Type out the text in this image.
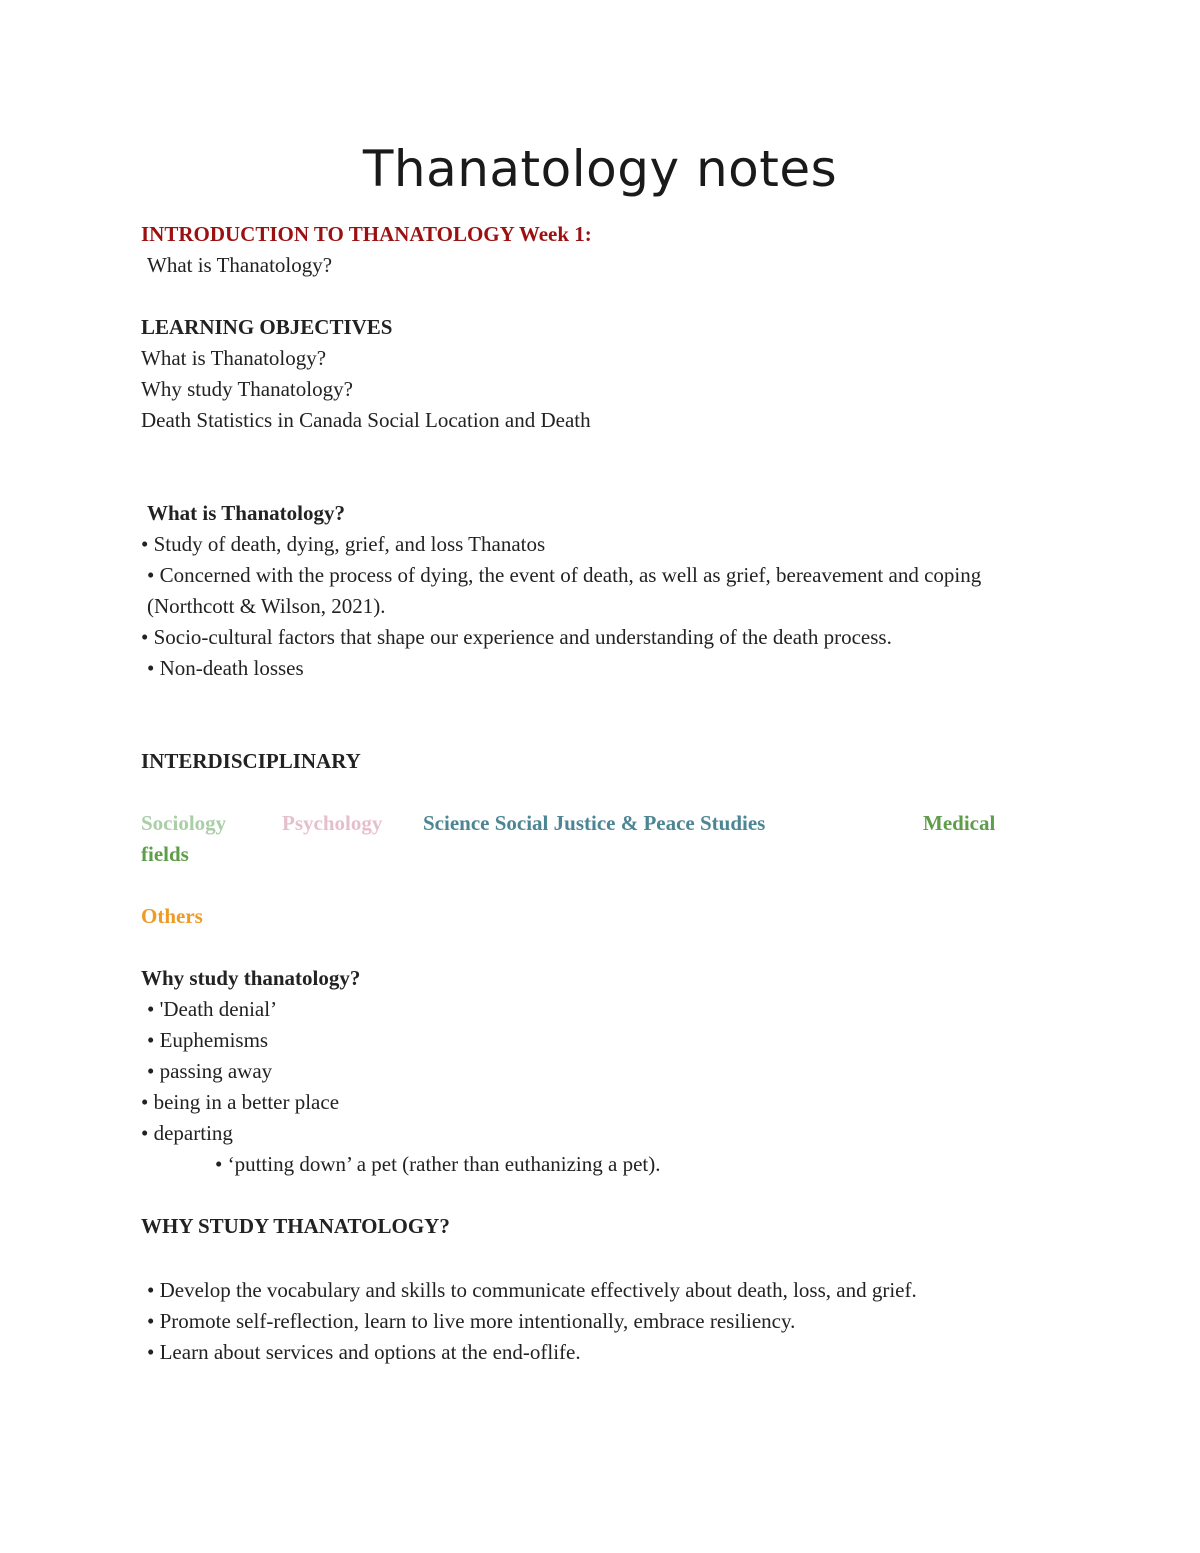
Thanatology notes

INTRODUCTION TO THANATOLOGY Week 1:

What is Thanatology?

LEARNING OBJECTIVES

What is Thanatology?

Why study Thanatology?

Death Statistics in Canada Social Location and Death

What is Thanatology?

• Study of death, dying, grief, and loss Thanatos

• Concerned with the process of dying, the event of death, as well as grief, bereavement and coping (Northcott & Wilson, 2021).

• Socio-cultural factors that shape our experience and understanding of the death process.

• Non-death losses

INTERDISCIPLINARY

Sociology	Psychology Science Social Justice & Peace Studies	Medical

fields

Others

Why study thanatology?

• 'Death denial’

• Euphemisms

• passing away

• being in a better place

• departing

• ‘putting down’ a pet (rather than euthanizing a pet).

WHY STUDY THANATOLOGY?

• Develop the vocabulary and skills to communicate effectively about death, loss, and grief.

• Promote self-reflection, learn to live more intentionally, embrace resiliency.

• Learn about services and options at the end-oflife.
